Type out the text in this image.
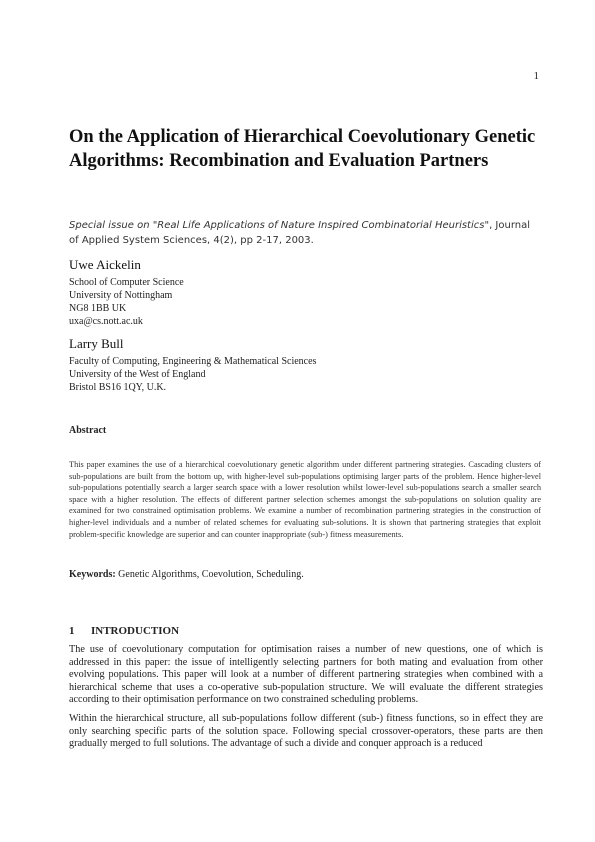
1
On the Application of Hierarchical Coevolutionary Genetic Algorithms: Recombination and Evaluation Partners
Special issue on "Real Life Applications of Nature Inspired Combinatorial Heuristics", Journal of Applied System Sciences, 4(2), pp 2-17, 2003.
Uwe Aickelin
School of Computer Science
University of Nottingham
NG8 1BB UK
uxa@cs.nott.ac.uk
Larry Bull
Faculty of Computing, Engineering & Mathematical Sciences
University of the West of England
Bristol BS16 1QY, U.K.
Abstract
This paper examines the use of a hierarchical coevolutionary genetic algorithm under different partnering strategies. Cascading clusters of sub-populations are built from the bottom up, with higher-level sub-populations optimising larger parts of the problem. Hence higher-level sub-populations potentially search a larger search space with a lower resolution whilst lower-level sub-populations search a smaller search space with a higher resolution. The effects of different partner selection schemes amongst the sub-populations on solution quality are examined for two constrained optimisation problems. We examine a number of recombination partnering strategies in the construction of higher-level individuals and a number of related schemes for evaluating sub-solutions. It is shown that partnering strategies that exploit problem-specific knowledge are superior and can counter inappropriate (sub-) fitness measurements.
Keywords: Genetic Algorithms, Coevolution, Scheduling.
1 INTRODUCTION

The use of coevolutionary computation for optimisation raises a number of new questions, one of which is addressed in this paper: the issue of intelligently selecting partners for both mating and evaluation from other evolving populations. This paper will look at a number of different partnering strategies when combined with a hierarchical scheme that uses a co-operative sub-population structure. We will evaluate the different strategies according to their optimisation performance on two constrained scheduling problems.

Within the hierarchical structure, all sub-populations follow different (sub-) fitness functions, so in effect they are only searching specific parts of the solution space. Following special crossover-operators, these parts are then gradually merged to full solutions. The advantage of such a divide and conquer approach is a reduced
